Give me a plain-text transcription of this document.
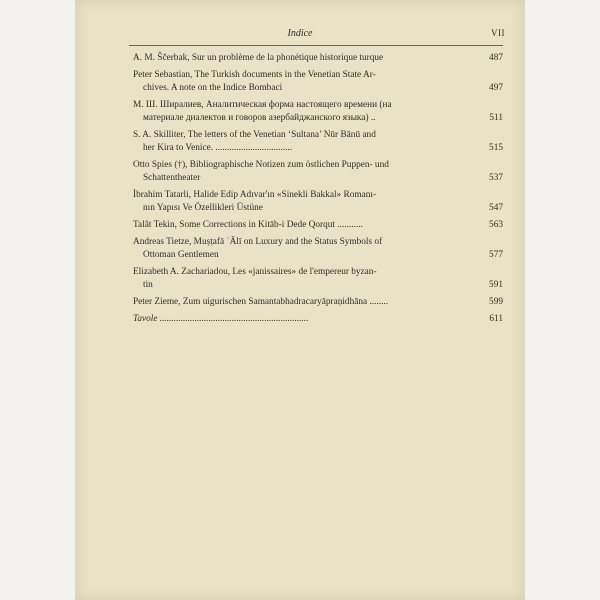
Indice	VII
A. M. Ščerbak, Sur un problème de la phonétique historique turque	487
Peter Sebastian, The Turkish documents in the Venetian State Ar-
chives. A note on the Indice Bombaci	497
М. Ш. Ширалиев, Аналитическая форма настоящего времени (на
материале диалектов и говоров азербайджанского языка) ..	511
S. A. Skilliter, The letters of the Venetian ‘Sultana’ Nūr Bānū and
her Kira to Venice. .................................	515
Otto Spies (†), Bibliographische Notizen zum östlichen Puppen- und
Schattentheater	537
İbrahim Tatarli, Halide Edip Adıvar'ın «Sinekli Bakkal» Romanı-
nın Yapısı Ve Özellikleri Üstüne	547
Talât Tekin, Some Corrections in Kitāb-i Dede Qorqut ...........	563
Andreas Tietze, Muṣṭafā ʿĀlī on Luxury and the Status Symbols of
Ottoman Gentlemen	577
Elizabeth A. Zachariadou, Les «janissaires» de l'empereur byzan-
tin	591
Peter Zieme, Zum uigurischen Samantabhadracaryāpraṇidhāna ........	599
Tavole ................................................................	611
